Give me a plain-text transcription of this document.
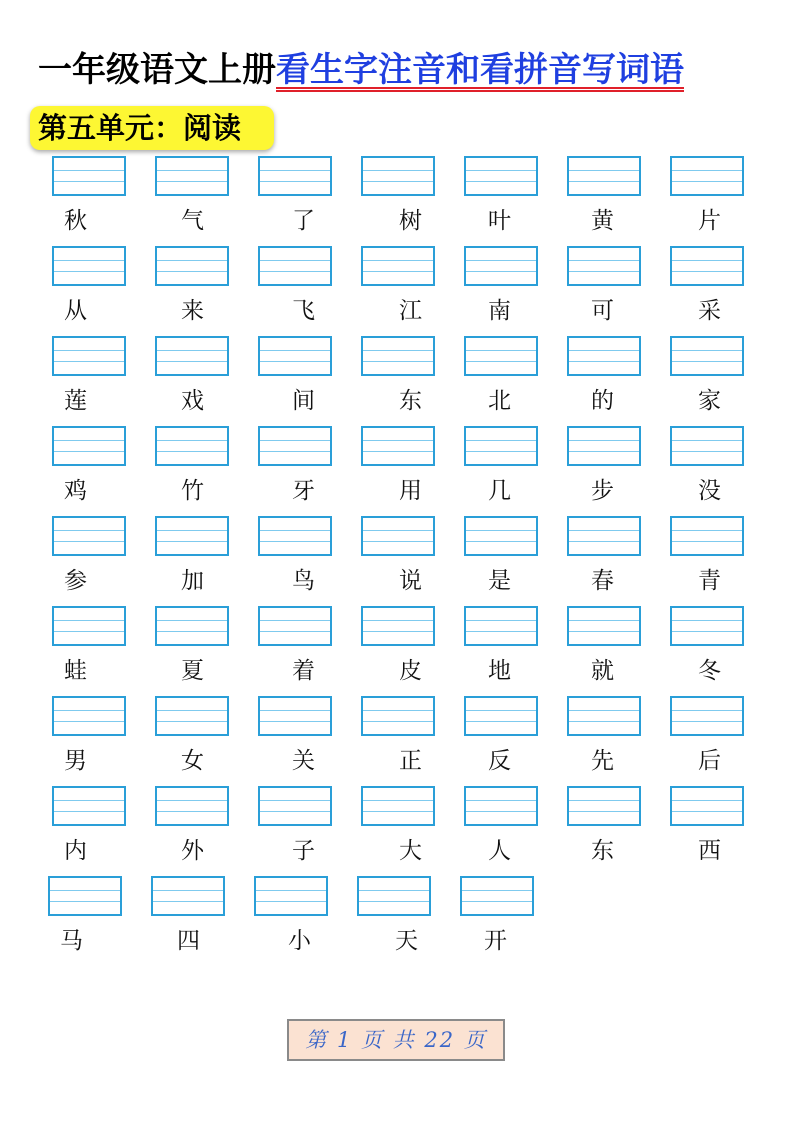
一年级语文上册看生字注音和看拼音写词语
第五单元：阅读
秋	气	了	树	叶	黄	片
从	来	飞	江	南	可	采
莲	戏	间	东	北	的	家
鸡	竹	牙	用	几	步	没
参	加	鸟	说	是	春	青
蛙	夏	着	皮	地	就	冬
男	女	关	正	反	先	后
内	外	子	大	人	东	西
马	四	小	天	开
第 1 页 共 22 页
